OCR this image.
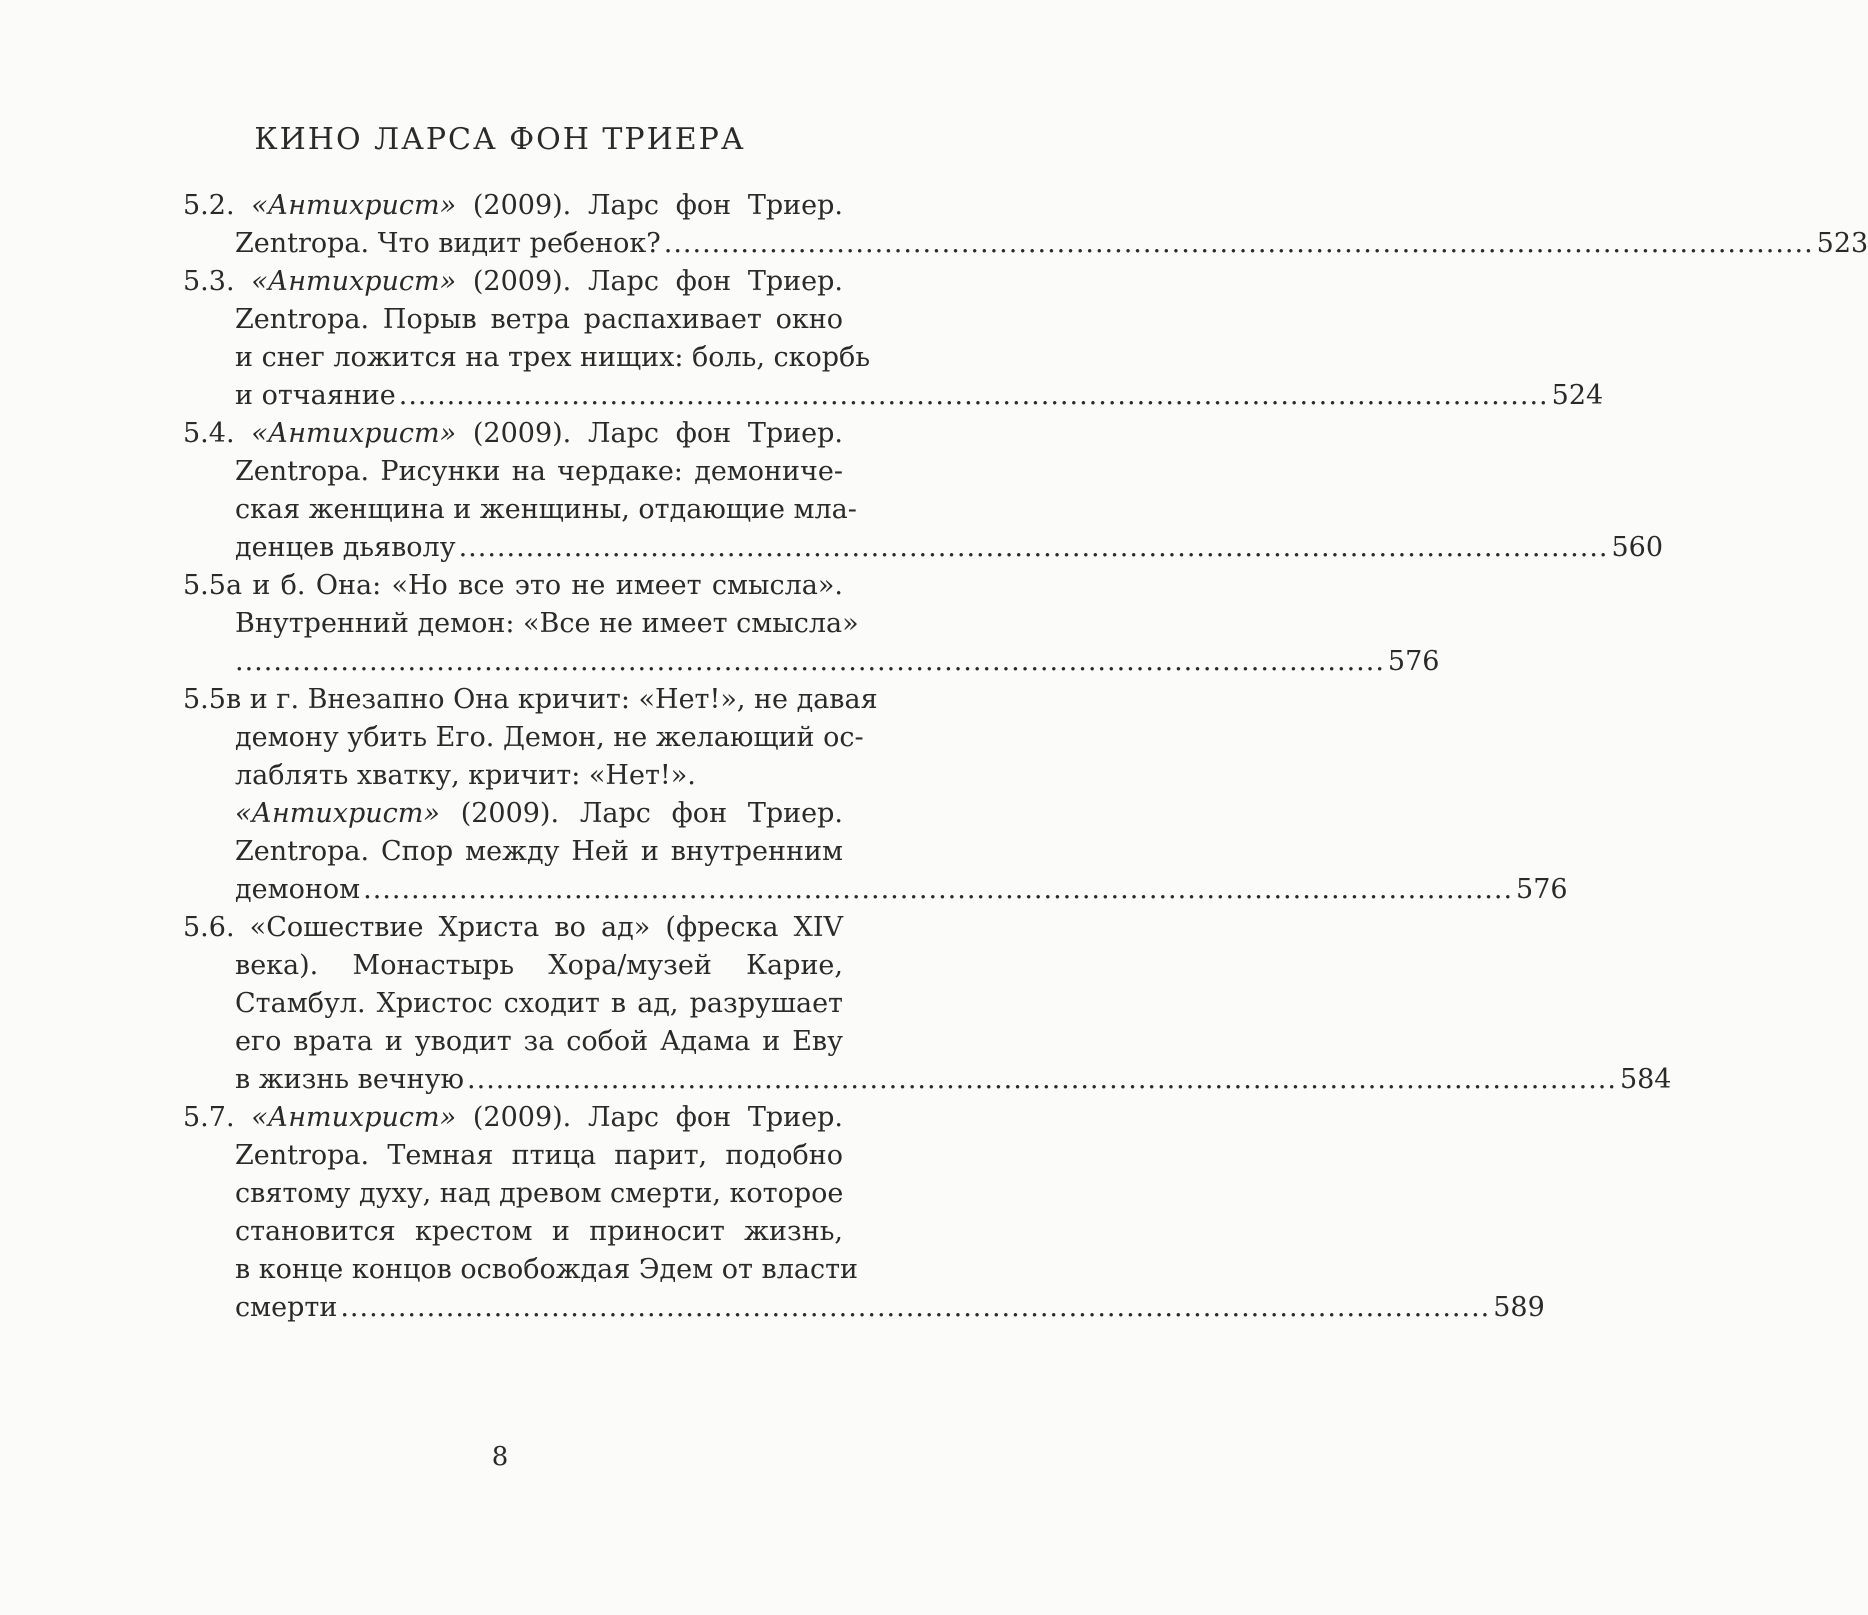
КИНО ЛАРСА ФОН ТРИЕРА
5.2. «Антихрист» (2009). Ларс фон Триер.
Zentropa. Что видит ребенок? ........................................................................................................................ 523
5.3. «Антихрист» (2009). Ларс фон Триер.
Zentropa. Порыв ветра распахивает окно
и снег ложится на трех нищих: боль, скорбь
и отчаяние ........................................................................................................................ 524
5.4. «Антихрист» (2009). Ларс фон Триер.
Zentropa. Рисунки на чердаке: демониче-
ская женщина и женщины, отдающие мла-
денцев дьяволу ........................................................................................................................ 560
5.5а и б. Она: «Но все это не имеет смысла».
Внутренний демон: «Все не имеет смысла»
........................................................................................................................ 576
5.5в и г. Внезапно Она кричит: «Нет!», не давая
демону убить Его. Демон, не желающий ос-
лаблять хватку, кричит: «Нет!».
«Антихрист» (2009). Ларс фон Триер.
Zentropa. Спор между Ней и внутренним
демоном ........................................................................................................................ 576
5.6. «Сошествие Христа во ад» (фреска XIV
века). Монастырь Хора/музей Карие,
Стамбул. Христос сходит в ад, разрушает
его врата и уводит за собой Адама и Еву
в жизнь вечную ........................................................................................................................ 584
5.7. «Антихрист» (2009). Ларс фон Триер.
Zentropa. Темная птица парит, подобно
святому духу, над древом смерти, которое
становится крестом и приносит жизнь,
в конце концов освобождая Эдем от власти
смерти ........................................................................................................................ 589
8
